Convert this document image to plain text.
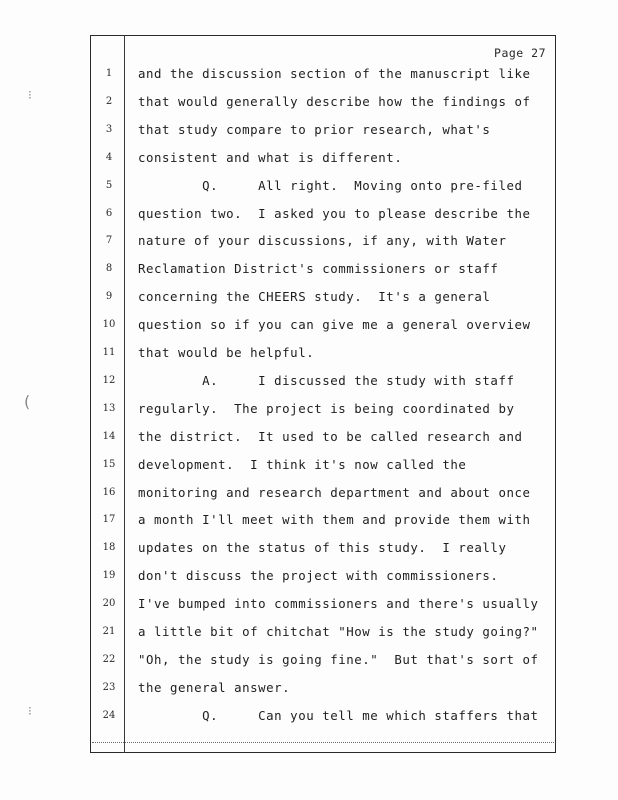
Page 27
1	and the discussion section of the manuscript like
2	that would generally describe how the findings of
3	that study compare to prior research, what's
4	consistent and what is different.
5	Q.     All right.  Moving onto pre-filed
6	question two.  I asked you to please describe the
7	nature of your discussions, if any, with Water
8	Reclamation District's commissioners or staff
9	concerning the CHEERS study.  It's a general
10	question so if you can give me a general overview
11	that would be helpful.
12	A.     I discussed the study with staff
13	regularly.  The project is being coordinated by
14	the district.  It used to be called research and
15	development.  I think it's now called the
16	monitoring and research department and about once
17	a month I'll meet with them and provide them with
18	updates on the status of this study.  I really
19	don't discuss the project with commissioners.
20	I've bumped into commissioners and there's usually
21	a little bit of chitchat "How is the study going?"
22	"Oh, the study is going fine."  But that's sort of
23	the general answer.
24	Q.     Can you tell me which staffers that
⁝
(
⁝
